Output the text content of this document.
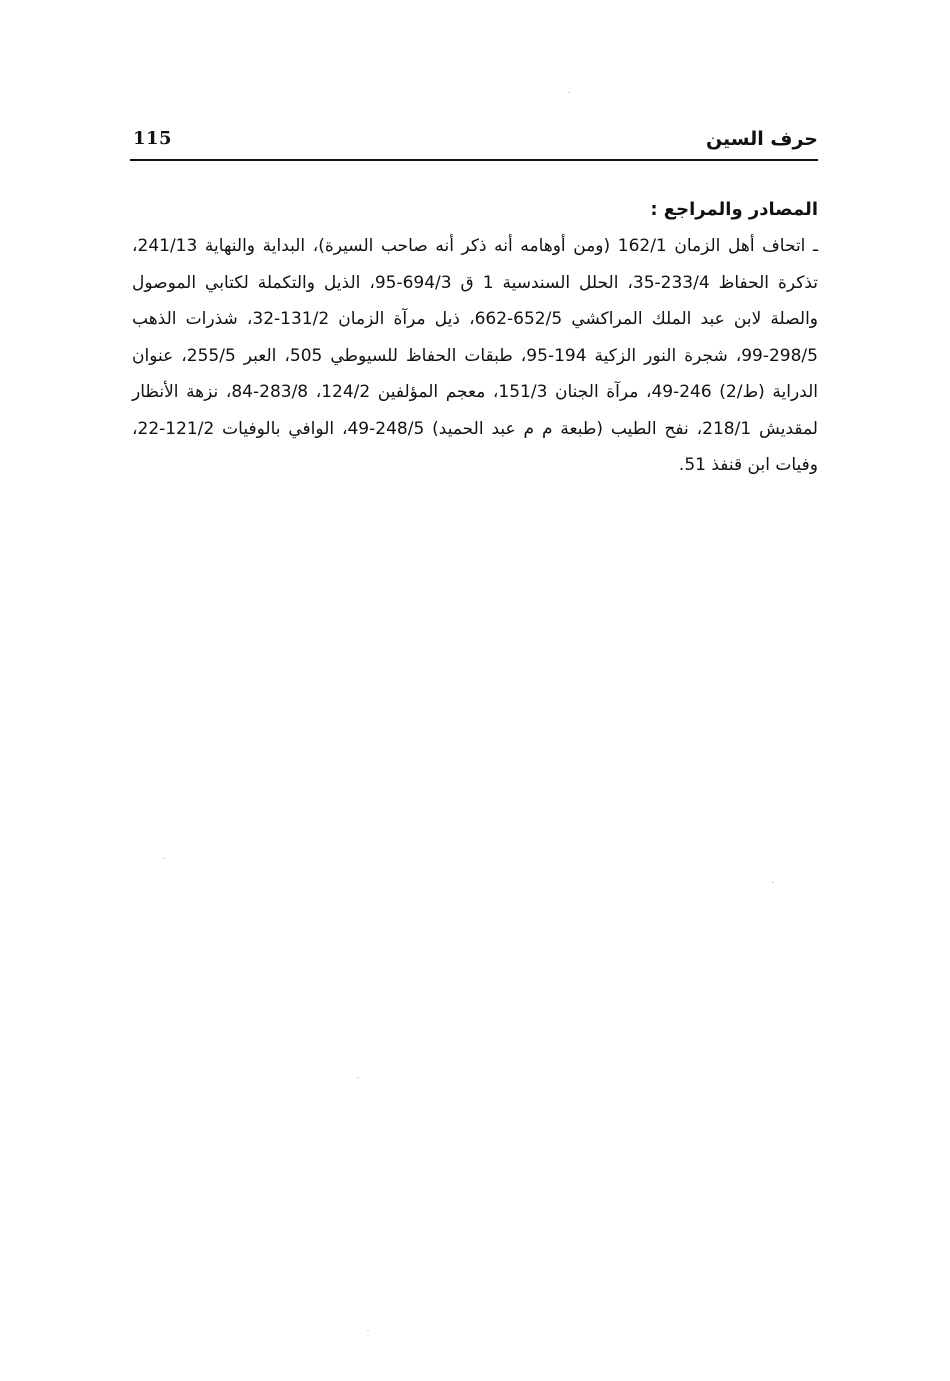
115	حرف السين

المصادر والمراجع :

ـ اتحاف أهل الزمان 162/1 (ومن أوهامه أنه ذكر أنه صاحب السيرة)، البداية والنهاية 241/13، تذكرة الحفاظ 233/4-35، الحلل السندسية 1 ق 694/3-95، الذيل والتكملة لكتابي الموصول والصلة لابن عبد الملك المراكشي 652/5-662، ذيل مرآة الزمان 131/2-32، شذرات الذهب 298/5-99، شجرة النور الزكية 194-95، طبقات الحفاظ للسيوطي 505، العبر 255/5، عنوان الدراية (ط/2) 246-49، مرآة الجنان 151/3، معجم المؤلفين 124/2، 283/8-84، نزهة الأنظار لمقديش 218/1، نفح الطيب (طبعة م م عبد الحميد) 248/5-49، الوافي بالوفيات 121/2-22، وفيات ابن قنفذ 51.
